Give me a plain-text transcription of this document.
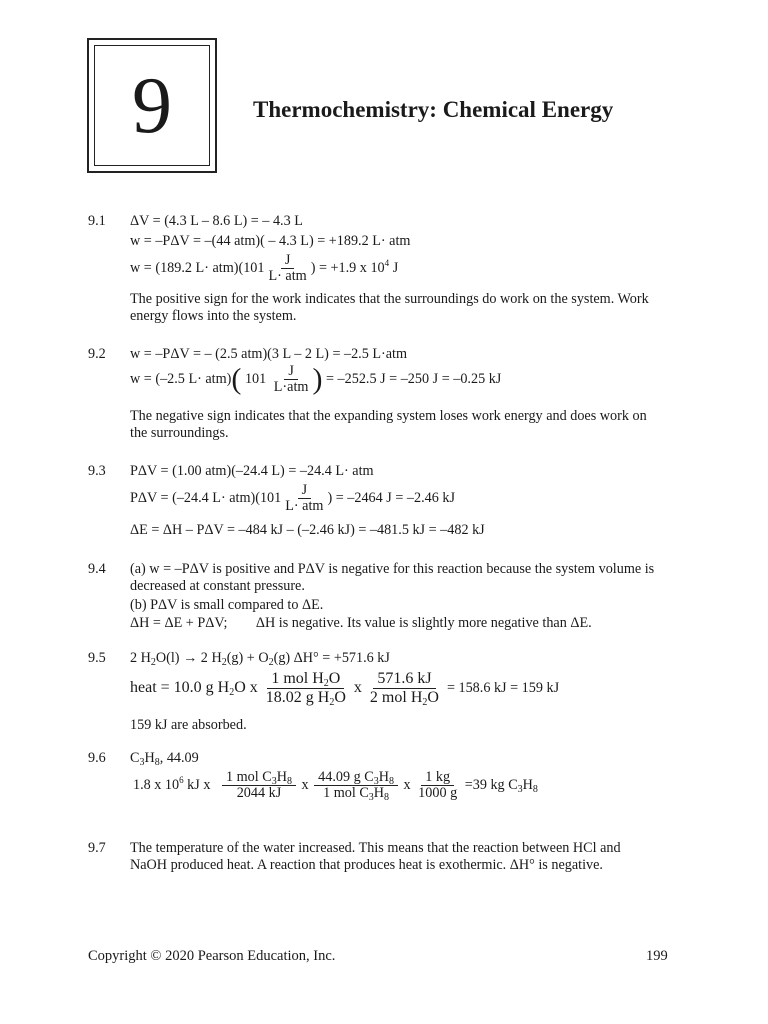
9	Thermochemistry: Chemical Energy
9.1 ΔV = (4.3 L – 8.6 L) = – 4.3 L
w = –PΔV = –(44 atm)( – 4.3 L) = +189.2 L· atm
w = (189.2 $L\cdot atm)(101 \frac{J}{\text{L· atm}}$ ) = +1.9 x $10^4$ J
The positive sign for the work indicates that the surroundings do work on the system. Work energy flows into the system.
9.2 w = –PΔV = – (2.5 atm)(3 L – 2 L) = –2.5 L·atm
w = (–2.5 L· atm)( $101 \frac{J}{\text{L·atm}}$ ) = –252.5 J = –250 J = –0.25 kJ
The negative sign indicates that the expanding system loses work energy and does work on the surroundings.
9.3 PΔV = (1.00 atm)(–24.4 L) = –24.4 L· atm
PΔV = (–24.4 $L\cdot atm)(101 \frac{J}{\text{L· atm}}$ ) = –2464 J = –2.46 kJ
ΔE = ΔH – PΔV = –484 kJ – (–2.46 kJ) = –481.5 kJ = –482 kJ
9.4 (a) w = –PΔV is positive and PΔV is negative for this reaction because the system volume is decreased at constant pressure.
(b) PΔV is small compared to ΔE.
ΔH = ΔE + PΔV; ΔH is negative. Its value is slightly more negative than ΔE.
9.5 2 $H_2O(l) \to 2$ $H_2(g) + O_2(g) \Delta H^\circ = +571.6$ kJ
heat = 10.0 g $H_2O$ x $\frac{1 mol H_2O}{18.02 g H_2O}$ x $\frac{571.6 kJ}{2 mol H_2O} = 158.6$ kJ = 159 kJ
159 kJ are absorbed.
9.6 $C_3H_8$, 44.09
1.8 x $10^6$ kJ x $\frac{1 mol C_3H_8}{2044 kJ}$ x $\frac{44.09 g C_3H_8}{1 mol C_3H_8}$ x $\frac{1 kg}{1000 g} =39$ kg $C_3H_8$
9.7 The temperature of the water increased. This means that the reaction between HCl and NaOH produced heat. A reaction that produces heat is exothermic. ΔH° is negative.
Copyright © 2020 Pearson Education, Inc.	199
